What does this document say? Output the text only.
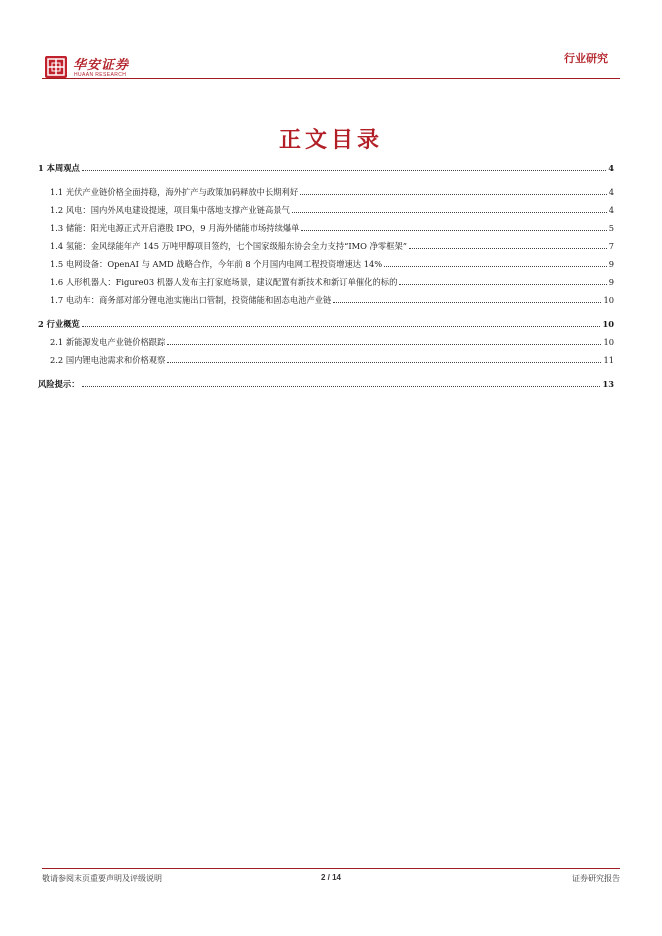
华安证券
HUAAN RESEARCH
行业研究
正文目录
1 本周观点	4
1.1 光伏产业链价格全面持稳，海外扩产与政策加码释放中长期利好	4
1.2 风电：国内外风电建设提速，项目集中落地支撑产业链高景气	4
1.3 储能：阳光电源正式开启港股 IPO，9 月海外储能市场持续爆单	5
1.4 氢能：金风绿能年产 145 万吨甲醇项目签约，七个国家级船东协会全力支持“IMO 净零框架”	7
1.5 电网设备：OpenAI 与 AMD 战略合作，今年前 8 个月国内电网工程投资增速达 14%	9
1.6 人形机器人：Figure03 机器人发布主打家庭场景，建议配置有新技术和新订单催化的标的	9
1.7 电动车：商务部对部分锂电池实施出口管制，投资储能和固态电池产业链	10
2 行业概览	10
2.1 新能源发电产业链价格跟踪	10
2.2 国内锂电池需求和价格观察	11
风险提示：	13
敬请参阅末页重要声明及评级说明	2 / 14	证券研究报告
